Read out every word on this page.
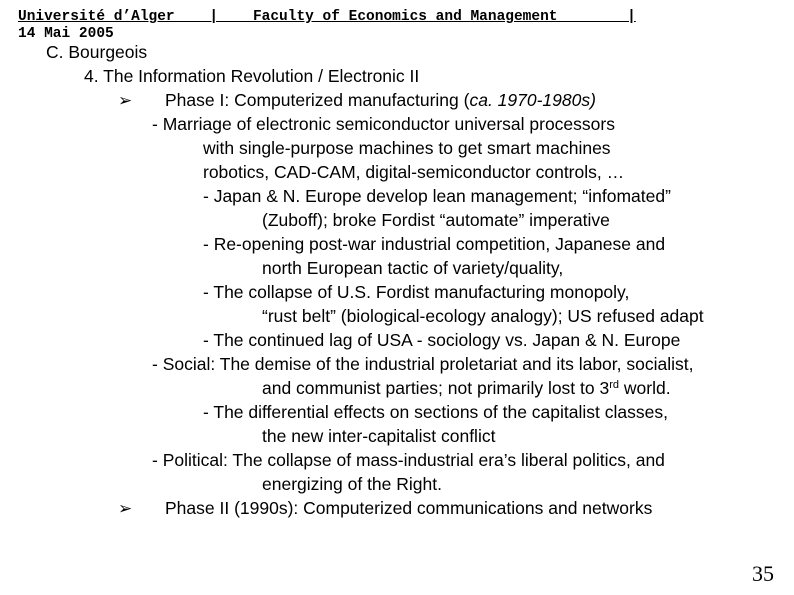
Université d’Alger    |    Faculty of Economics and Management        |
14 Mai 2005
C. Bourgeois
4. The Information Revolution / Electronic II
➢ Phase I: Computerized manufacturing (ca. 1970-1980s)
- Marriage of electronic semiconductor universal processors
with single-purpose machines to get smart machines
robotics, CAD-CAM, digital-semiconductor controls, …
- Japan & N. Europe develop lean management; “infomated”
(Zuboff); broke Fordist “automate” imperative
- Re-opening post-war industrial competition, Japanese and
north European tactic of variety/quality,
- The collapse of U.S. Fordist manufacturing monopoly,
“rust belt” (biological-ecology analogy); US refused adapt
- The continued lag of USA - sociology vs. Japan & N. Europe
- Social: The demise of the industrial proletariat and its labor, socialist,
and communist parties; not primarily lost to 3rd world.
- The differential effects on sections of the capitalist classes,
the new inter-capitalist conflict
- Political: The collapse of mass-industrial era’s liberal politics, and
energizing of the Right.
➢ Phase II (1990s): Computerized communications and networks
35
